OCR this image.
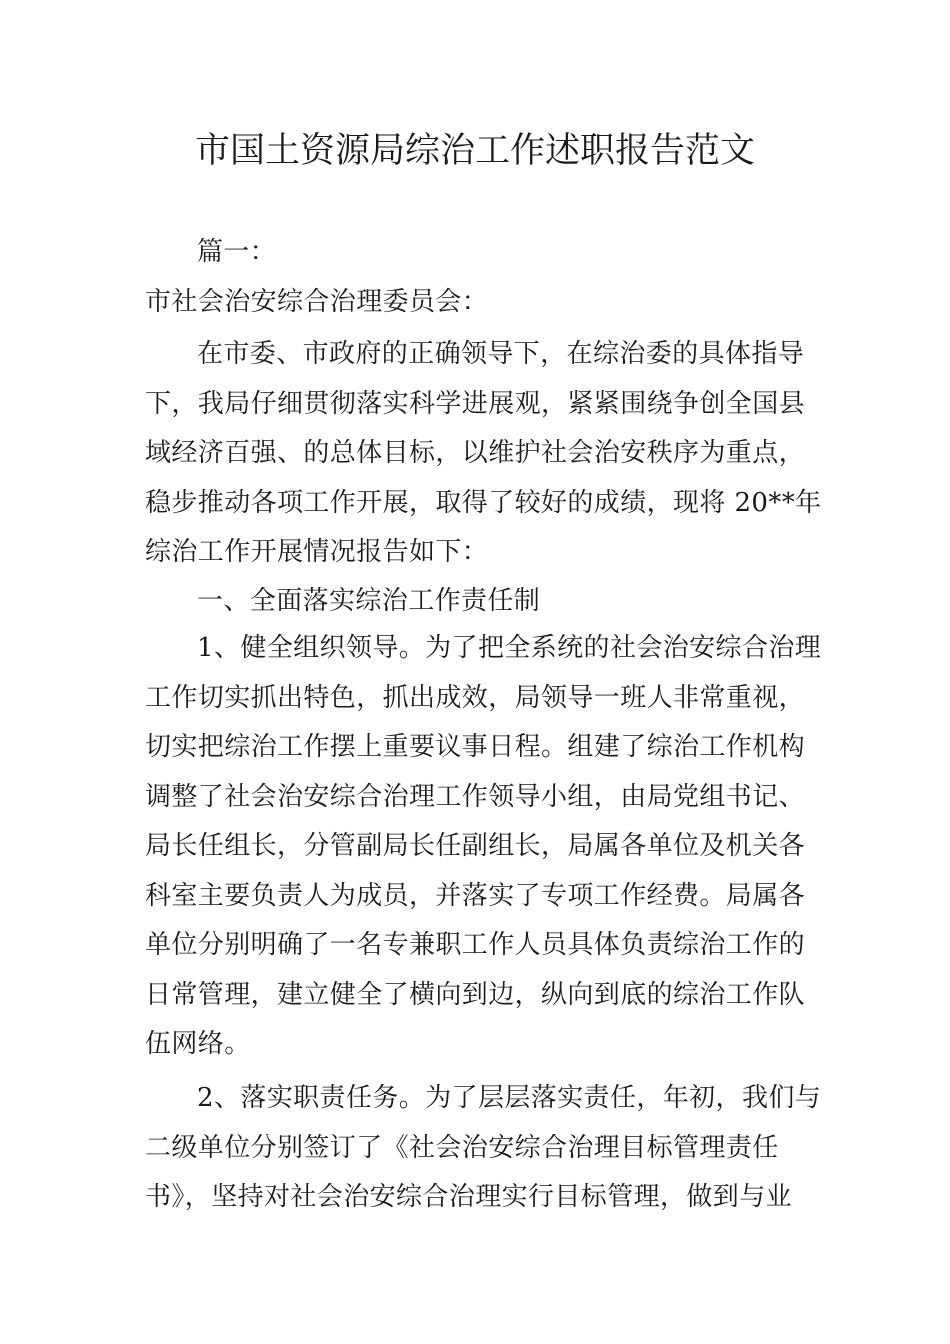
市国土资源局综治工作述职报告范文

篇一：

市社会治安综合治理委员会：

在市委、市政府的正确领导下，在综治委的具体指导
下，我局仔细贯彻落实科学进展观，紧紧围绕争创全国县
域经济百强、的总体目标，以维护社会治安秩序为重点，
稳步推动各项工作开展，取得了较好的成绩，现将 20**年
综治工作开展情况报告如下：
一、全面落实综治工作责任制
1、健全组织领导。为了把全系统的社会治安综合治理
工作切实抓出特色，抓出成效，局领导一班人非常重视，
切实把综治工作摆上重要议事日程。组建了综治工作机构
调整了社会治安综合治理工作领导小组，由局党组书记、
局长任组长，分管副局长任副组长，局属各单位及机关各
科室主要负责人为成员，并落实了专项工作经费。局属各
单位分别明确了一名专兼职工作人员具体负责综治工作的
日常管理，建立健全了横向到边，纵向到底的综治工作队
伍网络。
2、落实职责任务。为了层层落实责任，年初，我们与
二级单位分别签订了《社会治安综合治理目标管理责任
书》，坚持对社会治安综合治理实行目标管理，做到与业
